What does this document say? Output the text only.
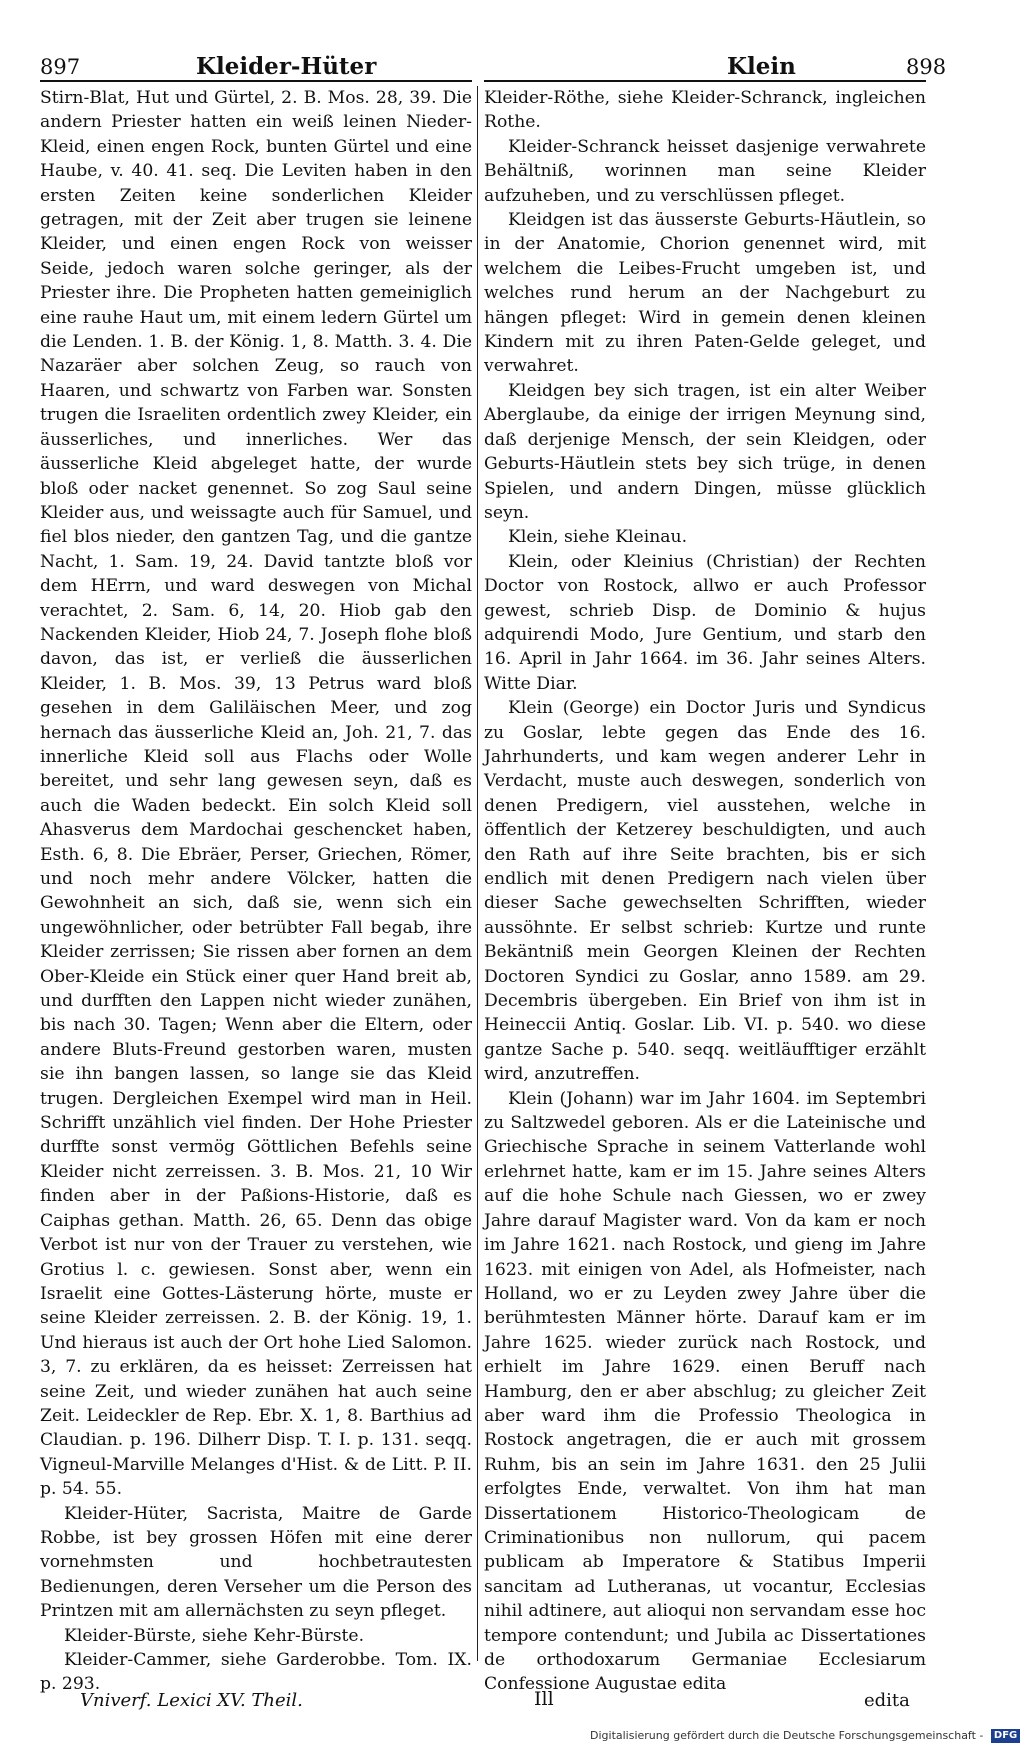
897	Kleider-Hüter	Klein	898

Stirn-Blat, Hut und Gürtel, 2. B. Mos. 28, 39. Die andern Priester hatten ein weiß leinen Nieder-Kleid, einen engen Rock, bunten Gürtel und eine Haube, v. 40. 41. seq. Die Leviten haben in den ersten Zeiten keine sonderlichen Kleider getragen, mit der Zeit aber trugen sie leinene Kleider, und einen engen Rock von weisser Seide, jedoch waren solche geringer, als der Priester ihre. Die Propheten hatten gemeiniglich eine rauhe Haut um, mit einem ledern Gürtel um die Lenden. 1. B. der König. 1, 8. Matth. 3. 4. Die Nazaräer aber solchen Zeug, so rauch von Haaren, und schwartz von Farben war. Sonsten trugen die Israeliten ordentlich zwey Kleider, ein äusserliches, und innerliches. Wer das äusserliche Kleid abgeleget hatte, der wurde bloß oder nacket genennet. So zog Saul seine Kleider aus, und weissagte auch für Samuel, und fiel blos nieder, den gantzen Tag, und die gantze Nacht, 1. Sam. 19, 24. David tantzte bloß vor dem HErrn, und ward deswegen von Michal verachtet, 2. Sam. 6, 14, 20. Hiob gab den Nackenden Kleider, Hiob 24, 7. Joseph flohe bloß davon, das ist, er verließ die äusserlichen Kleider, 1. B. Mos. 39, 13 Petrus ward bloß gesehen in dem Galiläischen Meer, und zog hernach das äusserliche Kleid an, Joh. 21, 7. das innerliche Kleid soll aus Flachs oder Wolle bereitet, und sehr lang gewesen seyn, daß es auch die Waden bedeckt. Ein solch Kleid soll Ahasverus dem Mardochai geschencket haben, Esth. 6, 8. Die Ebräer, Perser, Griechen, Römer, und noch mehr andere Völcker, hatten die Gewohnheit an sich, daß sie, wenn sich ein ungewöhnlicher, oder betrübter Fall begab, ihre Kleider zerrissen; Sie rissen aber fornen an dem Ober-Kleide ein Stück einer quer Hand breit ab, und durfften den Lappen nicht wieder zunähen, bis nach 30. Tagen; Wenn aber die Eltern, oder andere Bluts-Freund gestorben waren, musten sie ihn bangen lassen, so lange sie das Kleid trugen. Dergleichen Exempel wird man in Heil. Schrifft unzählich viel finden. Der Hohe Priester durffte sonst vermög Göttlichen Befehls seine Kleider nicht zerreissen. 3. B. Mos. 21, 10 Wir finden aber in der Paßions-Historie, daß es Caiphas gethan. Matth. 26, 65. Denn das obige Verbot ist nur von der Trauer zu verstehen, wie Grotius l. c. gewiesen. Sonst aber, wenn ein Israelit eine Gottes-Lästerung hörte, muste er seine Kleider zerreissen. 2. B. der König. 19, 1. Und hieraus ist auch der Ort hohe Lied Salomon. 3, 7. zu erklären, da es heisset: Zerreissen hat seine Zeit, und wieder zunähen hat auch seine Zeit. Leideckler de Rep. Ebr. X. 1, 8. Barthius ad Claudian. p. 196. Dilherr Disp. T. I. p. 131. seqq. Vigneul-Marville Melanges d'Hist. & de Litt. P. II. p. 54. 55.

Kleider-Hüter, Sacrista, Maitre de Garde Robbe, ist bey grossen Höfen mit eine derer vornehmsten und hochbetrautesten Bedienungen, deren Verseher um die Person des Printzen mit am allernächsten zu seyn pfleget.

Kleider-Bürste, siehe Kehr-Bürste.

Kleider-Cammer, siehe Garderobbe. Tom. IX. p. 293.

Kleider-Röthe, siehe Kleider-Schranck, ingleichen Rothe.

Kleider-Schranck heisset dasjenige verwahrete Behältniß, worinnen man seine Kleider aufzuheben, und zu verschlüssen pfleget.

Kleidgen ist das äusserste Geburts-Häutlein, so in der Anatomie, Chorion genennet wird, mit welchem die Leibes-Frucht umgeben ist, und welches rund herum an der Nachgeburt zu hängen pfleget: Wird in gemein denen kleinen Kindern mit zu ihren Paten-Gelde geleget, und verwahret.

Kleidgen bey sich tragen, ist ein alter Weiber Aberglaube, da einige der irrigen Meynung sind, daß derjenige Mensch, der sein Kleidgen, oder Geburts-Häutlein stets bey sich trüge, in denen Spielen, und andern Dingen, müsse glücklich seyn.

Klein, siehe Kleinau.

Klein, oder Kleinius (Christian) der Rechten Doctor von Rostock, allwo er auch Professor gewest, schrieb Disp. de Dominio & hujus adquirendi Modo, Jure Gentium, und starb den 16. April in Jahr 1664. im 36. Jahr seines Alters. Witte Diar.

Klein (George) ein Doctor Juris und Syndicus zu Goslar, lebte gegen das Ende des 16. Jahrhunderts, und kam wegen anderer Lehr in Verdacht, muste auch deswegen, sonderlich von denen Predigern, viel ausstehen, welche in öffentlich der Ketzerey beschuldigten, und auch den Rath auf ihre Seite brachten, bis er sich endlich mit denen Predigern nach vielen über dieser Sache gewechselten Schrifften, wieder aussöhnte. Er selbst schrieb: Kurtze und runte Bekäntniß mein Georgen Kleinen der Rechten Doctoren Syndici zu Goslar, anno 1589. am 29. Decembris übergeben. Ein Brief von ihm ist in Heineccii Antiq. Goslar. Lib. VI. p. 540. wo diese gantze Sache p. 540. seqq. weitläufftiger erzählt wird, anzutreffen.

Klein (Johann) war im Jahr 1604. im Septembri zu Saltzwedel geboren. Als er die Lateinische und Griechische Sprache in seinem Vatterlande wohl erlehrnet hatte, kam er im 15. Jahre seines Alters auf die hohe Schule nach Giessen, wo er zwey Jahre darauf Magister ward. Von da kam er noch im Jahre 1621. nach Rostock, und gieng im Jahre 1623. mit einigen von Adel, als Hofmeister, nach Holland, wo er zu Leyden zwey Jahre über die berühmtesten Männer hörte. Darauf kam er im Jahre 1625. wieder zurück nach Rostock, und erhielt im Jahre 1629. einen Beruff nach Hamburg, den er aber abschlug; zu gleicher Zeit aber ward ihm die Professio Theologica in Rostock angetragen, die er auch mit grossem Ruhm, bis an sein im Jahre 1631. den 25 Julii erfolgtes Ende, verwaltet. Von ihm hat man Dissertationem Historico-Theologicam de Criminationibus non nullorum, qui pacem publicam ab Imperatore & Statibus Imperii sancitam ad Lutheranas, ut vocantur, Ecclesias nihil adtinere, aut alioqui non servandam esse hoc tempore contendunt; und Jubila ac Dissertationes de orthodoxarum Germaniae Ecclesiarum Confessione Augustae edita

Vniverf. Lexici XV. Theil.	Ill	edita
Digitalisierung gefördert durch die Deutsche Forschungsgemeinschaft - DFG
